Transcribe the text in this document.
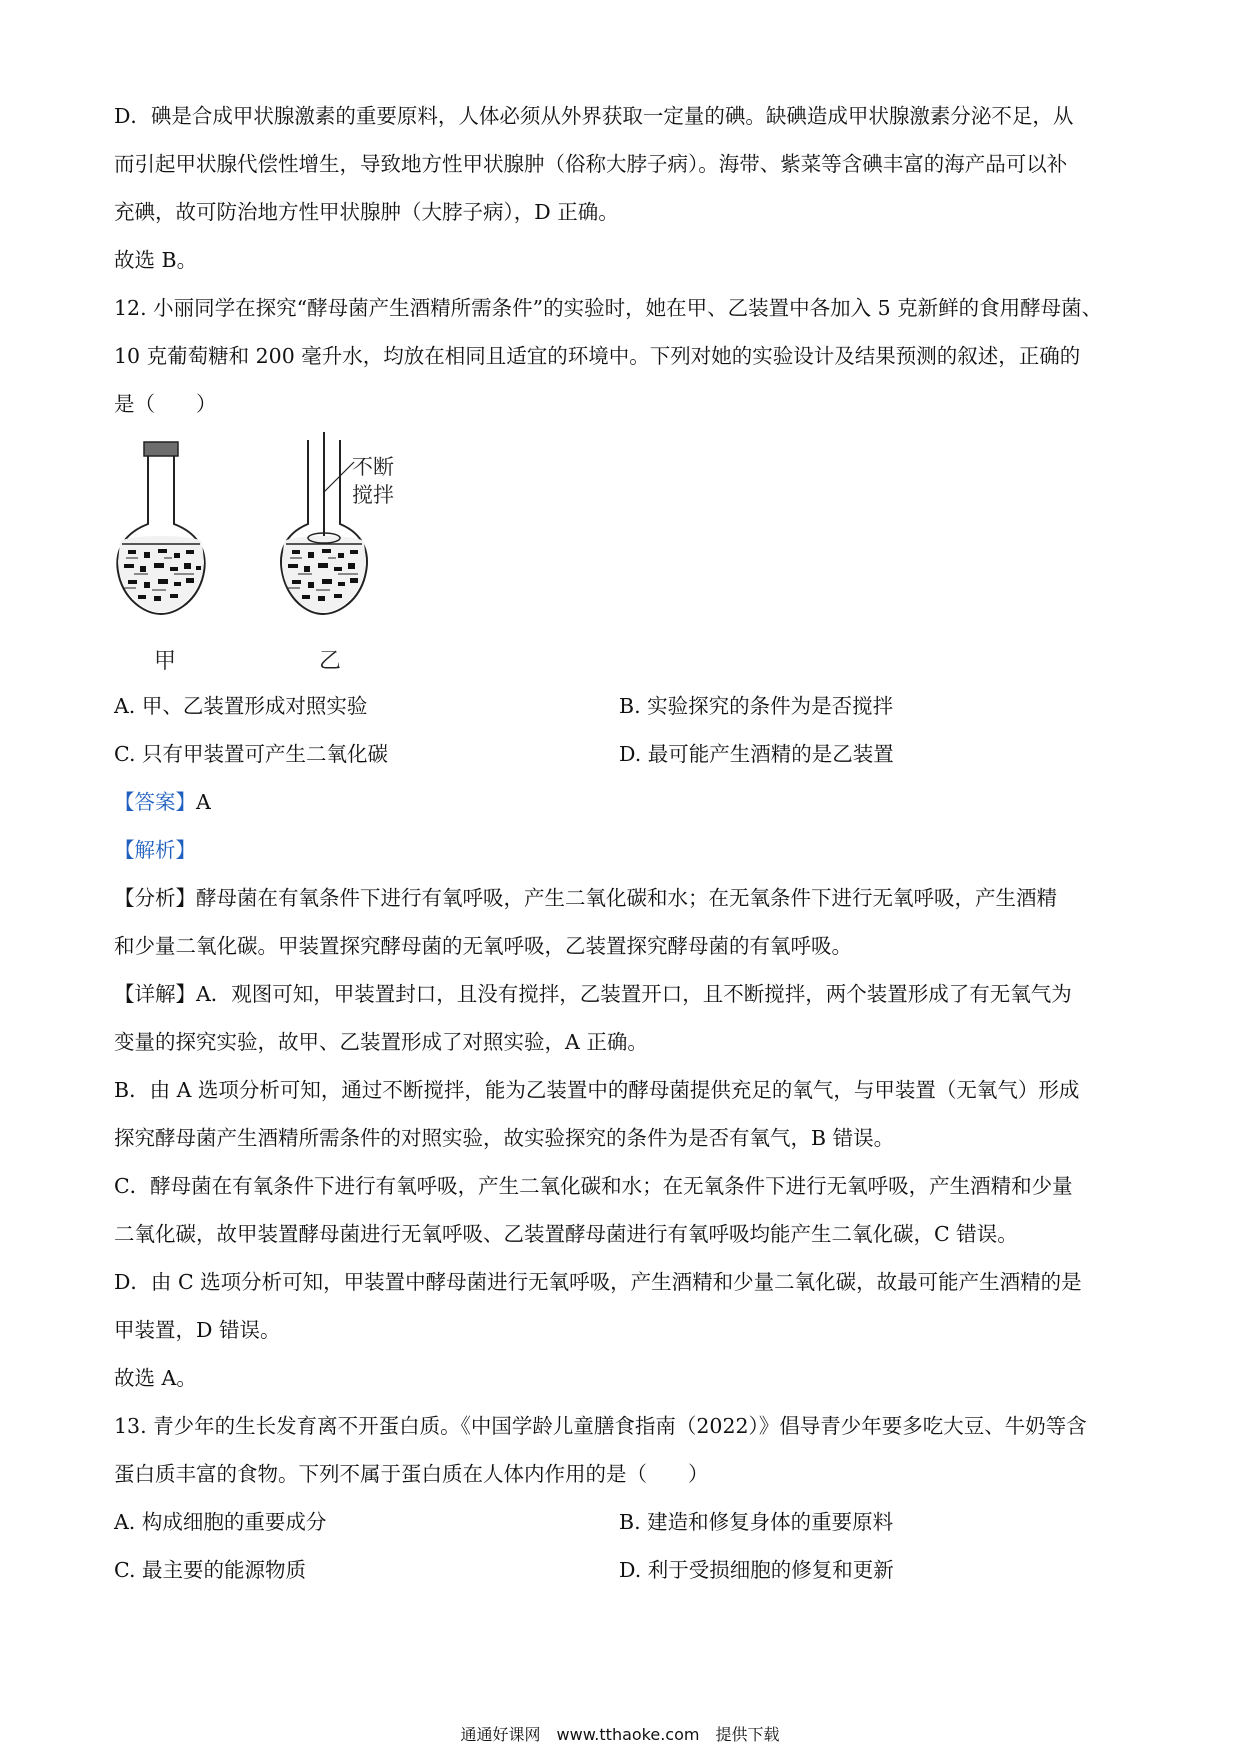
D．碘是合成甲状腺激素的重要原料，人体必须从外界获取一定量的碘。缺碘造成甲状腺激素分泌不足，从

而引起甲状腺代偿性增生，导致地方性甲状腺肿（俗称大脖子病）。海带、紫菜等含碘丰富的海产品可以补

充碘，故可防治地方性甲状腺肿（大脖子病），D 正确。

故选 B。

12. 小丽同学在探究“酵母菌产生酒精所需条件”的实验时，她在甲、乙装置中各加入 5 克新鲜的食用酵母菌、

10 克葡萄糖和 200 毫升水，均放在相同且适宜的环境中。下列对她的实验设计及结果预测的叙述，正确的

是（　　）

甲	乙
不断
搅拌
A. 甲、乙装置形成对照实验	B. 实验探究的条件为是否搅拌
C. 只有甲装置可产生二氧化碳	D. 最可能产生酒精的是乙装置

【答案】A

【解析】

【分析】酵母菌在有氧条件下进行有氧呼吸，产生二氧化碳和水；在无氧条件下进行无氧呼吸，产生酒精

和少量二氧化碳。甲装置探究酵母菌的无氧呼吸，乙装置探究酵母菌的有氧呼吸。

【详解】A．观图可知，甲装置封口，且没有搅拌，乙装置开口，且不断搅拌，两个装置形成了有无氧气为

变量的探究实验，故甲、乙装置形成了对照实验，A 正确。

B．由 A 选项分析可知，通过不断搅拌，能为乙装置中的酵母菌提供充足的氧气，与甲装置（无氧气）形成

探究酵母菌产生酒精所需条件的对照实验，故实验探究的条件为是否有氧气，B 错误。

C．酵母菌在有氧条件下进行有氧呼吸，产生二氧化碳和水；在无氧条件下进行无氧呼吸，产生酒精和少量

二氧化碳，故甲装置酵母菌进行无氧呼吸、乙装置酵母菌进行有氧呼吸均能产生二氧化碳，C 错误。

D．由 C 选项分析可知，甲装置中酵母菌进行无氧呼吸，产生酒精和少量二氧化碳，故最可能产生酒精的是

甲装置，D 错误。

故选 A。

13. 青少年的生长发育离不开蛋白质。《中国学龄儿童膳食指南（2022）》倡导青少年要多吃大豆、牛奶等含

蛋白质丰富的食物。下列不属于蛋白质在人体内作用的是（　　）

A. 构成细胞的重要成分	B. 建造和修复身体的重要原料
C. 最主要的能源物质	D. 利于受损细胞的修复和更新
通通好课网　www.tthaoke.com　提供下载
